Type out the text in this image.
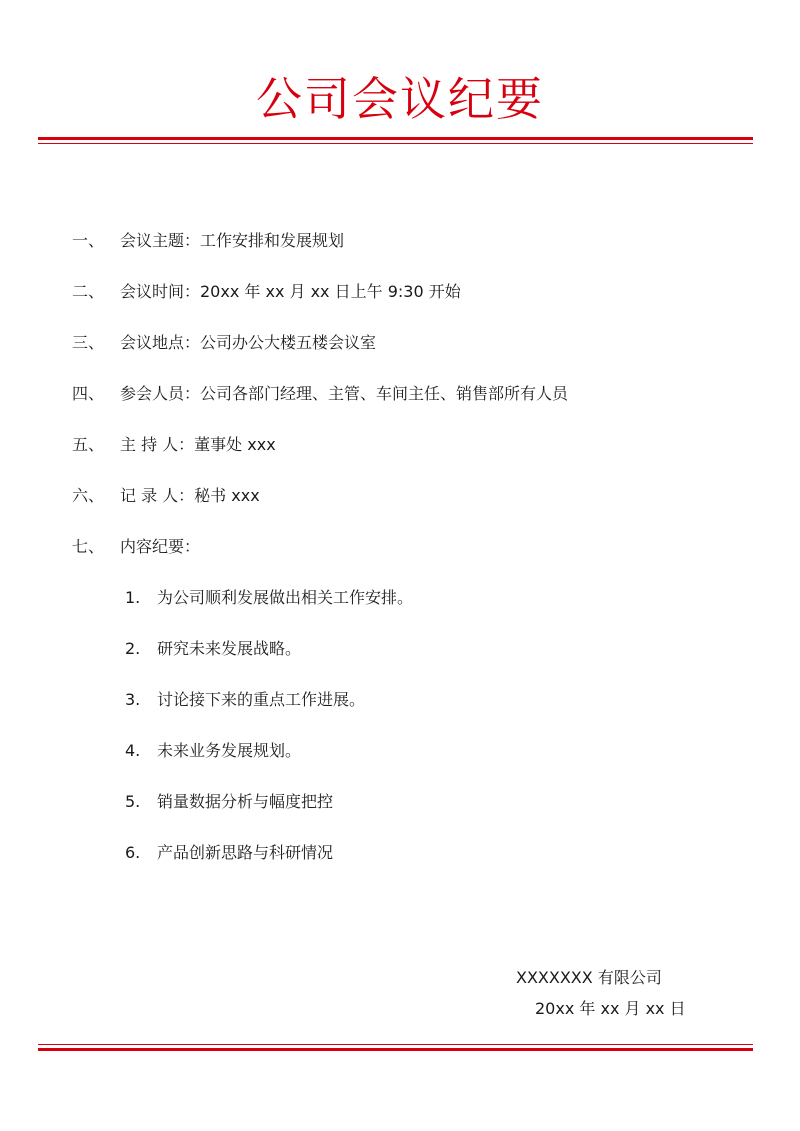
公司会议纪要
一、 会议主题：工作安排和发展规划
二、 会议时间：20xx 年 xx 月 xx 日上午 9:30 开始
三、 会议地点：公司办公大楼五楼会议室
四、 参会人员：公司各部门经理、主管、车间主任、销售部所有人员
五、 主 持 人：董事处 xxx
六、 记 录 人：秘书 xxx
七、 内容纪要：
1. 为公司顺利发展做出相关工作安排。
2. 研究未来发展战略。
3. 讨论接下来的重点工作进展。
4. 未来业务发展规划。
5. 销量数据分析与幅度把控
6. 产品创新思路与科研情况
XXXXXXX 有限公司
20xx 年 xx 月 xx 日
